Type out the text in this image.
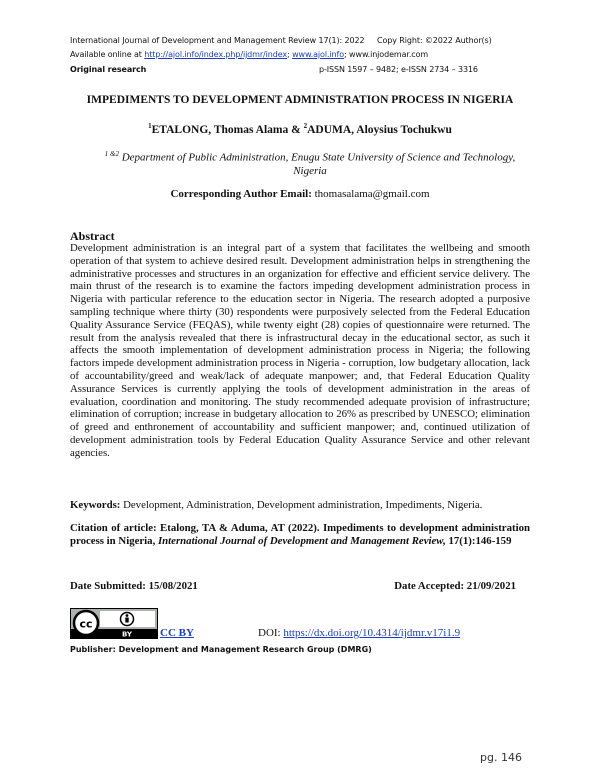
International Journal of Development and Management Review 17(1): 2022 Copy Right: ©2022 Author(s)
Available online at http://ajol.info/index.php/ijdmr/index; www.ajol.info; www.injodemar.com
Original research	p-ISSN 1597 – 9482; e-ISSN 2734 – 3316
IMPEDIMENTS TO DEVELOPMENT ADMINISTRATION PROCESS IN NIGERIA
$^1$ETALONG, Thomas Alama & $^2$ADUMA, Aloysius Tochukwu
$^{1 \&2}$ Department of Public Administration, Enugu State University of Science and Technology, Nigeria
Corresponding Author Email: thomasalama@gmail.com
Abstract

Development administration is an integral part of a system that facilitates the wellbeing and smooth operation of that system to achieve desired result. Development administration helps in strengthening the administrative processes and structures in an organization for effective and efficient service delivery. The main thrust of the research is to examine the factors impeding development administration process in Nigeria with particular reference to the education sector in Nigeria. The research adopted a purposive sampling technique where thirty (30) respondents were purposively selected from the Federal Education Quality Assurance Service (FEQAS), while twenty eight (28) copies of questionnaire were returned. The result from the analysis revealed that there is infrastructural decay in the educational sector, as such it affects the smooth implementation of development administration process in Nigeria; the following factors impede development administration process in Nigeria - corruption, low budgetary allocation, lack of accountability/greed and weak/lack of adequate manpower; and, that Federal Education Quality Assurance Services is currently applying the tools of development administration in the areas of evaluation, coordination and monitoring. The study recommended adequate provision of infrastructure; elimination of corruption; increase in budgetary allocation to 26% as prescribed by UNESCO; elimination of greed and enthronement of accountability and sufficient manpower; and, continued utilization of development administration tools by Federal Education Quality Assurance Service and other relevant agencies.

Keywords: Development, Administration, Development administration, Impediments, Nigeria.

Citation of article: Etalong, TA & Aduma, AT (2022). Impediments to development administration process in Nigeria, International Journal of Development and Management Review, 17(1):146-159

Date Submitted: 15/08/2021	Date Accepted: 21/09/2021
cc
BY	CC BY	DOI: https://dx.doi.org/10.4314/ijdmr.v17i1.9
Publisher: Development and Management Research Group (DMRG)
pg. 146
